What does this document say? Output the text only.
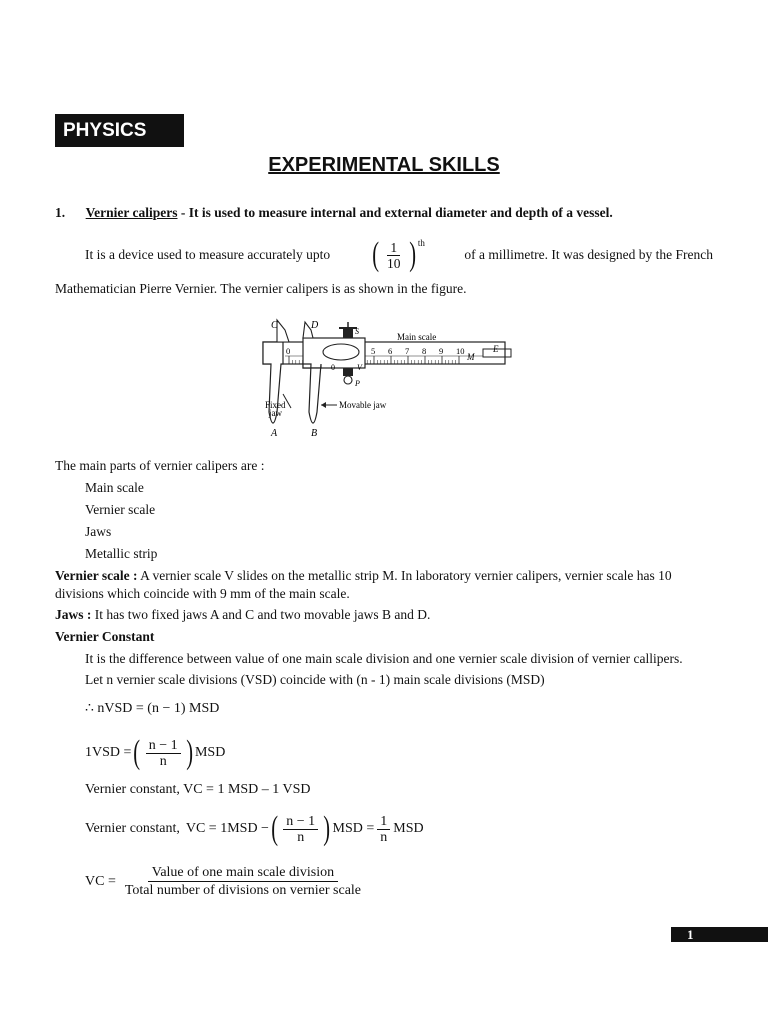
PHYSICS
EXPERIMENTAL SKILLS
1. Vernier calipers - It is used to measure internal and external diameter and depth of a vessel.
It is a device used to measure accurately upto ( $\frac{1}{10}$ ) $^{th}$
of a millimetre. It was designed by the French
Mathematician Pierre Vernier. The vernier calipers is as shown in the figure.
0	5 6 7 8 9 10
C	D
S
Main scale
E
M
V
P
0
Fixed
jaw
Movable jaw
A	B
The main parts of vernier calipers are :
Main scale
Vernier scale
Jaws
Metallic strip
Vernier scale : A vernier scale V slides on the metallic strip M. In laboratory vernier calipers, vernier scale has 10
divisions which coincide with 9 mm of the main scale.
Jaws : It has two fixed jaws A and C and two movable jaws B and D.
Vernier Constant
It is the difference between value of one main scale division and one vernier scale division of vernier callipers.
Let n vernier scale divisions (VSD) coincide with (n - 1) main scale divisions (MSD)
∴ nVSD = (n − 1) MSD
1VSD = ( $\frac{n - 1}{n}$ ) MSD
Vernier constant, VC = 1 MSD – 1 VSD
Vernier constant, VC = 1MSD − ( $\frac{n - 1}{n}$ ) MSD = $\frac{1}{n}$ MSD
VC = $\frac{\text{Value of one main scale division}}{\text{Total number of divisions on vernier scale}}$
1
